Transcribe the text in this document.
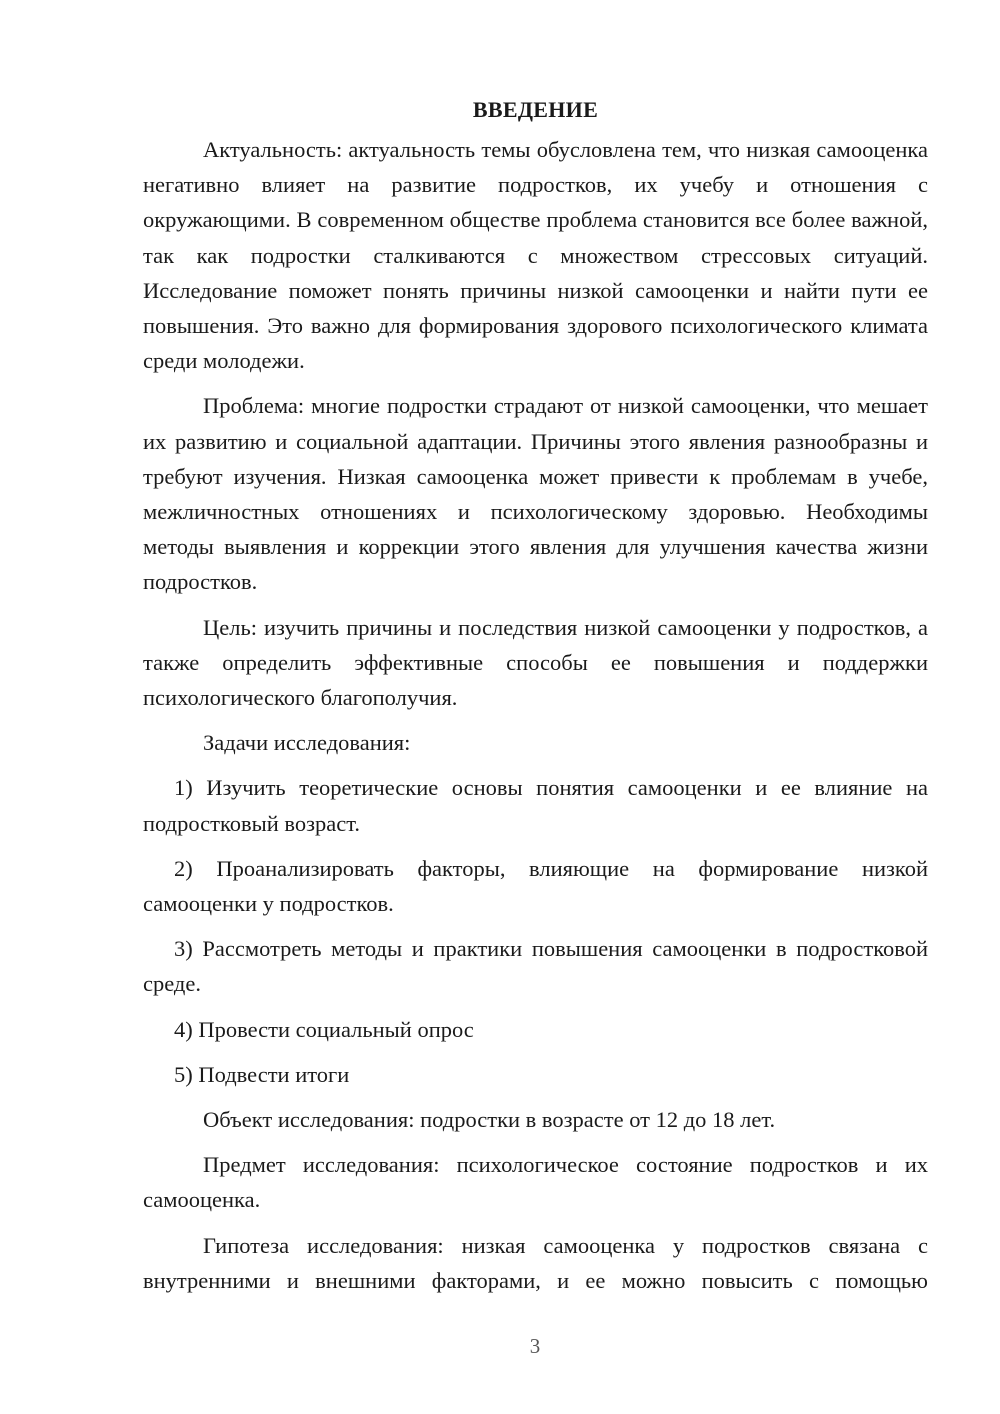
ВВЕДЕНИЕ

Актуальность: актуальность темы обусловлена тем, что низкая самооценка негативно влияет на развитие подростков, их учебу и отношения с окружающими. В современном обществе проблема становится все более важной, так как подростки сталкиваются с множеством стрессовых ситуаций. Исследование поможет понять причины низкой самооценки и найти пути ее повышения. Это важно для формирования здорового психологического климата среди молодежи.

Проблема: многие подростки страдают от низкой самооценки, что мешает их развитию и социальной адаптации. Причины этого явления разнообразны и требуют изучения. Низкая самооценка может привести к проблемам в учебе, межличностных отношениях и психологическому здоровью. Необходимы методы выявления и коррекции этого явления для улучшения качества жизни подростков.

Цель: изучить причины и последствия низкой самооценки у подростков, а также определить эффективные способы ее повышения и поддержки психологического благополучия.

Задачи исследования:

1) Изучить теоретические основы понятия самооценки и ее влияние на подростковый возраст.

2) Проанализировать факторы, влияющие на формирование низкой самооценки у подростков.

3) Рассмотреть методы и практики повышения самооценки в подростковой среде.

4) Провести социальный опрос

5) Подвести итоги

Объект исследования: подростки в возрасте от 12 до 18 лет.

Предмет исследования: психологическое состояние подростков и их самооценка.

Гипотеза исследования: низкая самооценка у подростков связана с внутренними и внешними факторами, и ее можно повысить с помощью

3
